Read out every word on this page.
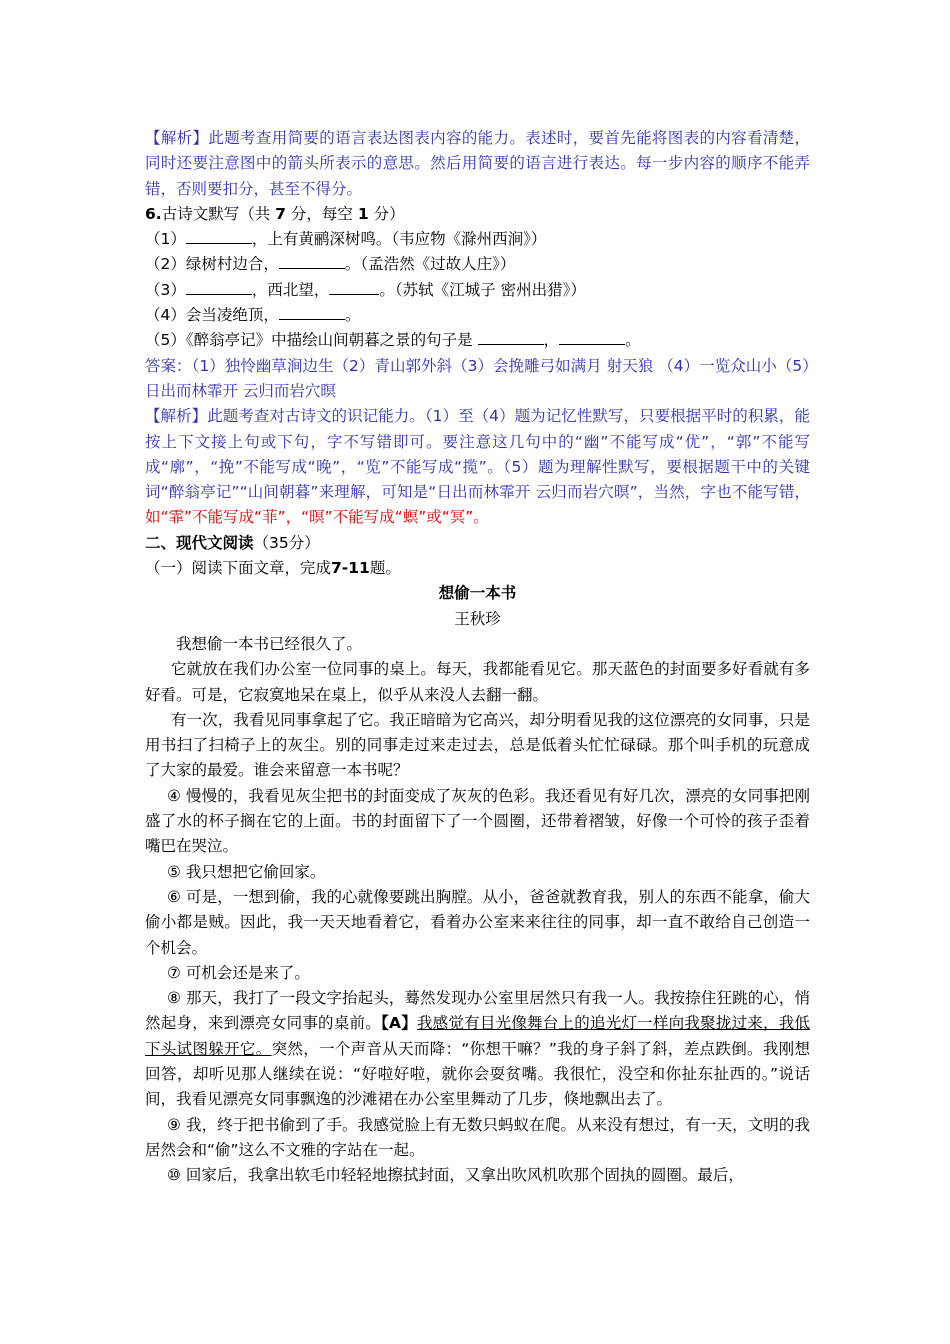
【解析】此题考查用简要的语言表达图表内容的能力。表述时，要首先能将图表的内容看清楚，同时还要注意图中的箭头所表示的意思。然后用简要的语言进行表达。每一步内容的顺序不能弄错，否则要扣分，甚至不得分。

6.古诗文默写（共 7 分，每空 1 分）

（1）	，上有黄鹂深树鸣。（韦应物《滁州西涧》）

（2）绿树村边合，	。（孟浩然《过故人庄》）

（3）	，西北望，	。（苏轼《江城子 密州出猎》）

（4）会当凌绝顶，	。

（5）《醉翁亭记》中描绘山间朝暮之景的句子是	，	。

答案：（1）独怜幽草涧边生（2）青山郭外斜（3）会挽雕弓如满月 射天狼 （4）一览众山小（5）日出而林霏开 云归而岩穴暝

【解析】此题考查对古诗文的识记能力。（1）至（4）题为记忆性默写，只要根据平时的积累，能按上下文接上句或下句，字不写错即可。要注意这几句中的“幽”不能写成“优”，“郭”不能写成“廓”，“挽”不能写成“晚”，“览”不能写成“揽”。（5）题为理解性默写，要根据题干中的关键词“醉翁亭记”“山间朝暮”来理解，可知是“日出而林霏开 云归而岩穴暝”，当然，字也不能写错，如“霏”不能写成“菲”，“暝”不能写成“螟”或“冥”。

二、现代文阅读（35分）

（一）阅读下面文章，完成7-11题。

想偷一本书

王秋珍

我想偷一本书已经很久了。

它就放在我们办公室一位同事的桌上。每天，我都能看见它。那天蓝色的封面要多好看就有多好看。可是，它寂寞地呆在桌上，似乎从来没人去翻一翻。

有一次，我看见同事拿起了它。我正暗暗为它高兴，却分明看见我的这位漂亮的女同事，只是用书扫了扫椅子上的灰尘。别的同事走过来走过去，总是低着头忙忙碌碌。那个叫手机的玩意成了大家的最爱。谁会来留意一本书呢？

④ 慢慢的，我看见灰尘把书的封面变成了灰灰的色彩。我还看见有好几次，漂亮的女同事把刚盛了水的杯子搁在它的上面。书的封面留下了一个圆圈，还带着褶皱，好像一个可怜的孩子歪着嘴巴在哭泣。

⑤ 我只想把它偷回家。

⑥ 可是，一想到偷，我的心就像要跳出胸膛。从小，爸爸就教育我，别人的东西不能拿，偷大偷小都是贼。因此，我一天天地看着它，看着办公室来来往往的同事，却一直不敢给自己创造一个机会。

⑦ 可机会还是来了。

⑧ 那天，我打了一段文字抬起头，蓦然发现办公室里居然只有我一人。我按捺住狂跳的心，悄然起身，来到漂亮女同事的桌前。【A】我感觉有目光像舞台上的追光灯一样向我聚拢过来，我低下头试图躲开它。突然，一个声音从天而降：“你想干嘛？”我的身子斜了斜，差点跌倒。我刚想回答，却听见那人继续在说：“好啦好啦，就你会耍贫嘴。我很忙，没空和你扯东扯西的。”说话间，我看见漂亮女同事飘逸的沙滩裙在办公室里舞动了几步，倏地飘出去了。

⑨ 我，终于把书偷到了手。我感觉脸上有无数只蚂蚁在爬。从来没有想过，有一天，文明的我居然会和“偷”这么不文雅的字站在一起。

⑩ 回家后，我拿出软毛巾轻轻地擦拭封面，又拿出吹风机吹那个固执的圆圈。最后，
